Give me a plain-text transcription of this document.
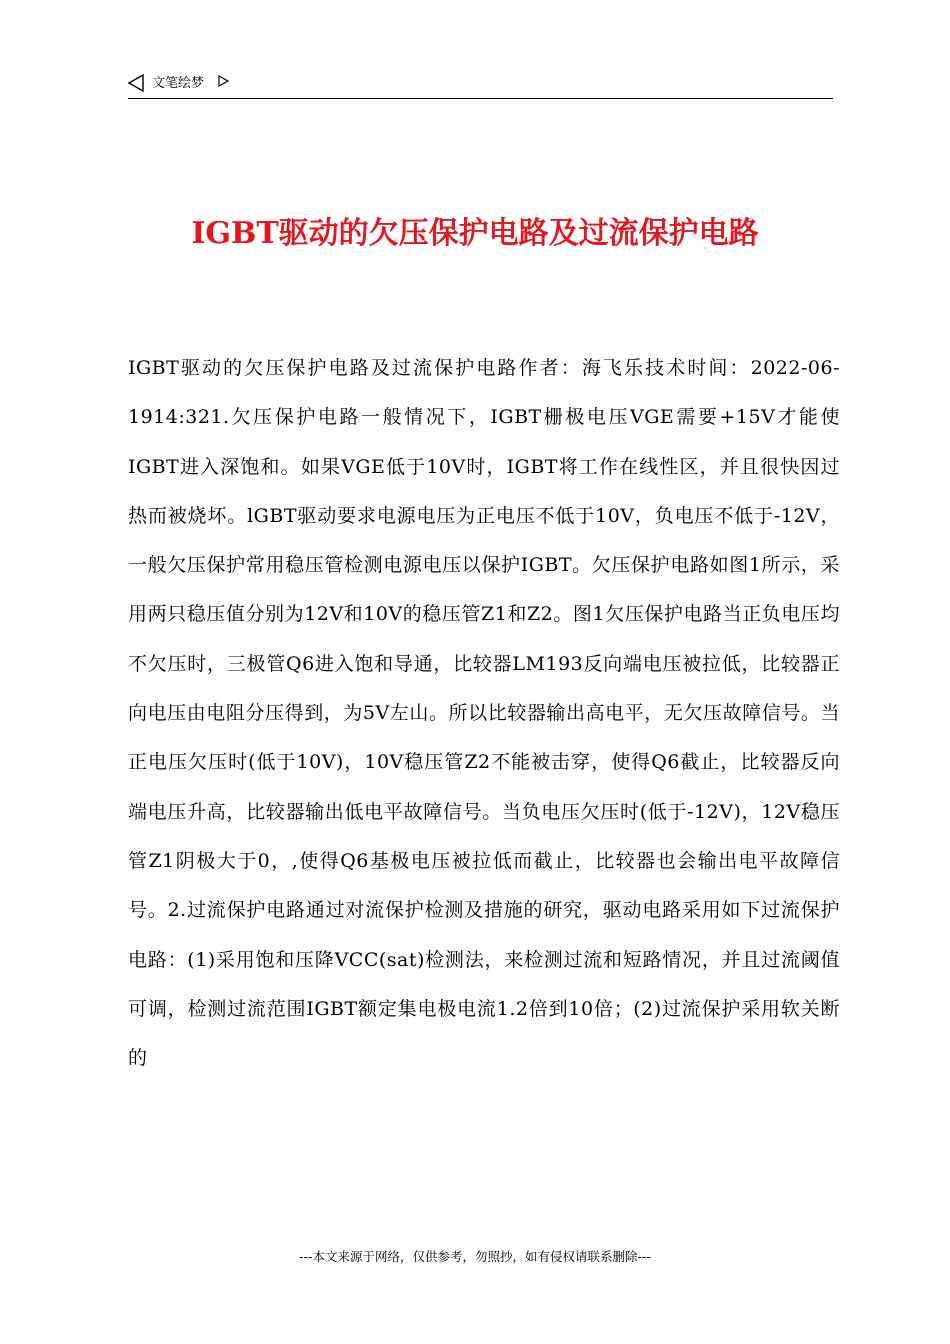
文笔绘梦
IGBT驱动的欠压保护电路及过流保护电路

IGBT驱动的欠压保护电路及过流保护电路作者：海飞乐技术时间：2022-06-1914:321.欠压保护电路一般情况下，IGBT栅极电压VGE需要+15V才能使IGBT进入深饱和。如果VGE低于10V时，IGBT将工作在线性区，并且很快因过热而被烧坏。lGBT驱动要求电源电压为正电压不低于10V，负电压不低于-12V，一般欠压保护常用稳压管检测电源电压以保护IGBT。欠压保护电路如图1所示，采用两只稳压值分别为12V和10V的稳压管Z1和Z2。图1欠压保护电路当正负电压均不欠压时，三极管Q6进入饱和导通，比较器LM193反向端电压被拉低，比较器正向电压由电阻分压得到，为5V左山。所以比较器输出高电平，无欠压故障信号。当正电压欠压时(低于10V)，10V稳压管Z2不能被击穿，使得Q6截止，比较器反向端电压升高，比较器输出低电平故障信号。当负电压欠压时(低于-12V)，12V稳压管Z1阴极大于0，,使得Q6基极电压被拉低而截止，比较器也会输出电平故障信号。2.过流保护电路通过对流保护检测及措施的研究，驱动电路采用如下过流保护电路：(1)采用饱和压降VCC(sat)检测法，来检测过流和短路情况，并且过流阈值可调，检测过流范围IGBT额定集电极电流1.2倍到10倍；(2)过流保护采用软关断的

---本文来源于网络，仅供参考，勿照抄，如有侵权请联系删除---
